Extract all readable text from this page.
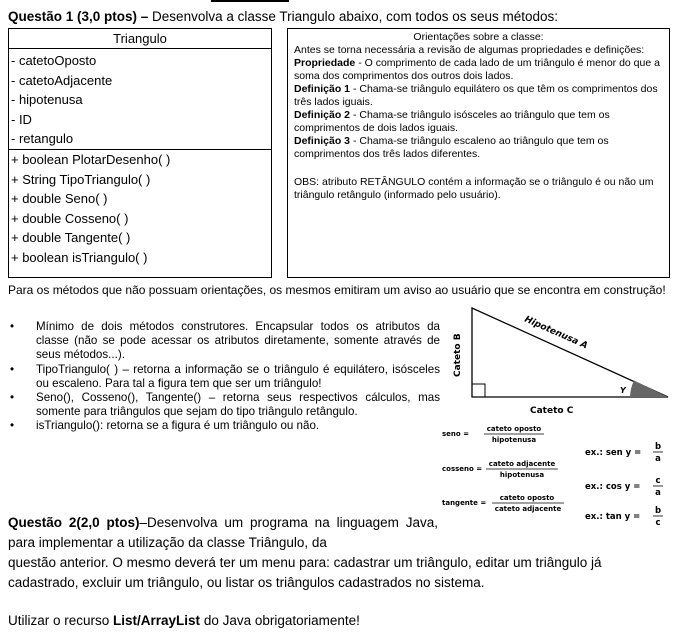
Questão 1 (3,0 ptos) – Desenvolva a classe Triangulo abaixo, com todos os seus métodos:
Triangulo
- catetoOposto
- catetoAdjacente
- hipotenusa
- ID
- retangulo
+ boolean PlotarDesenho( )
+ String TipoTriangulo( )
+ double Seno( )
+ double Cosseno( )
+ double Tangente( )
+ boolean isTriangulo( )
Orientações sobre a classe:

Antes se torna necessária a revisão de algumas propriedades e definições:

Propriedade - O comprimento de cada lado de um triângulo é menor do que a soma dos comprimentos dos outros dois lados.

Definição 1 - Chama-se triângulo equilátero os que têm os comprimentos dos três lados iguais.

Definição 2 - Chama-se triângulo isósceles ao triângulo que tem os comprimentos de dois lados iguais.

Definição 3 - Chama-se triângulo escaleno ao triângulo que tem os comprimentos dos três lados diferentes.

OBS: atributo RETÂNGULO contém a informação se o triângulo é ou não um triângulo retângulo (informado pelo usuário).

Para os métodos que não possuam orientações, os mesmos emitiram um aviso ao usuário que se encontra em construção!
• Mínimo de dois métodos construtores. Encapsular todos os atributos da classe (não se pode acessar os atributos diretamente, somente através de seus métodos...).
• TipoTriangulo( ) – retorna a informação se o triângulo é equilátero, isósceles ou escaleno. Para tal a figura tem que ser um triângulo!
• Seno(), Cosseno(), Tangente() – retorna seus respectivos cálculos, mas somente para triângulos que sejam do tipo triângulo retângulo.
• isTriangulo(): retorna se a figura é um triângulo ou não.
Hipotenusa A
Cateto B
Cateto C
Y
seno =
cateto oposto
hipotenusa
ex.: sen y =
b
a
cosseno =
cateto adjacente
hipotenusa
ex.: cos y =
c
a
tangente =
cateto oposto
cateto adjacente
ex.: tan y =
b
c
Questão 2(2,0 ptos)–Desenvolva um programa na linguagem Java, para implementar a utilização da classe Triângulo, da
questão anterior. O mesmo deverá ter um menu para: cadastrar um triângulo, editar um triângulo já cadastrado, excluir um triângulo, ou listar os triângulos cadastrados no sistema.
Utilizar o recurso List/ArrayList do Java obrigatoriamente!
